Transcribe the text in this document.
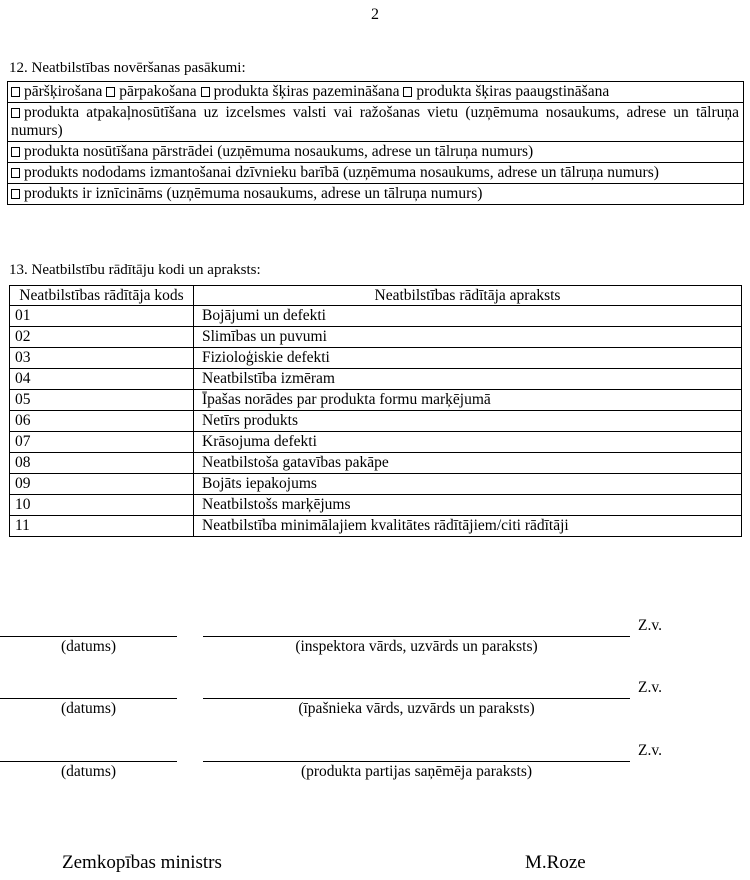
2
12. Neatbilstības novēršanas pasākumi:
pāršķirošana pārpakošana produkta šķiras pazemināšana produkta šķiras paaugstināšana
produkta atpakaļnosūtīšana uz izcelsmes valsti vai ražošanas vietu (uzņēmuma nosaukums, adrese un tālruņa numurs)
produkta nosūtīšana pārstrādei (uzņēmuma nosaukums, adrese un tālruņa numurs)
produkts nododams izmantošanai dzīvnieku barībā (uzņēmuma nosaukums, adrese un tālruņa numurs)
produkts ir iznīcināms (uzņēmuma nosaukums, adrese un tālruņa numurs)
13. Neatbilstību rādītāju kodi un apraksts:
Neatbilstības rādītāja kods	Neatbilstības rādītāja apraksts
01	Bojājumi un defekti
02	Slimības un puvumi
03	Fizioloģiskie defekti
04	Neatbilstība izmēram
05	Īpašas norādes par produkta formu marķējumā
06	Netīrs produkts
07	Krāsojuma defekti
08	Neatbilstoša gatavības pakāpe
09	Bojāts iepakojums
10	Neatbilstošs marķējums
11	Neatbilstība minimālajiem kvalitātes rādītājiem/citi rādītāji
Z.v.
(datums)	(inspektora vārds, uzvārds un paraksts)
Z.v.
(datums)	(īpašnieka vārds, uzvārds un paraksts)
Z.v.
(datums)	(produkta partijas saņēmēja paraksts)
Zemkopības ministrs	M.Roze
